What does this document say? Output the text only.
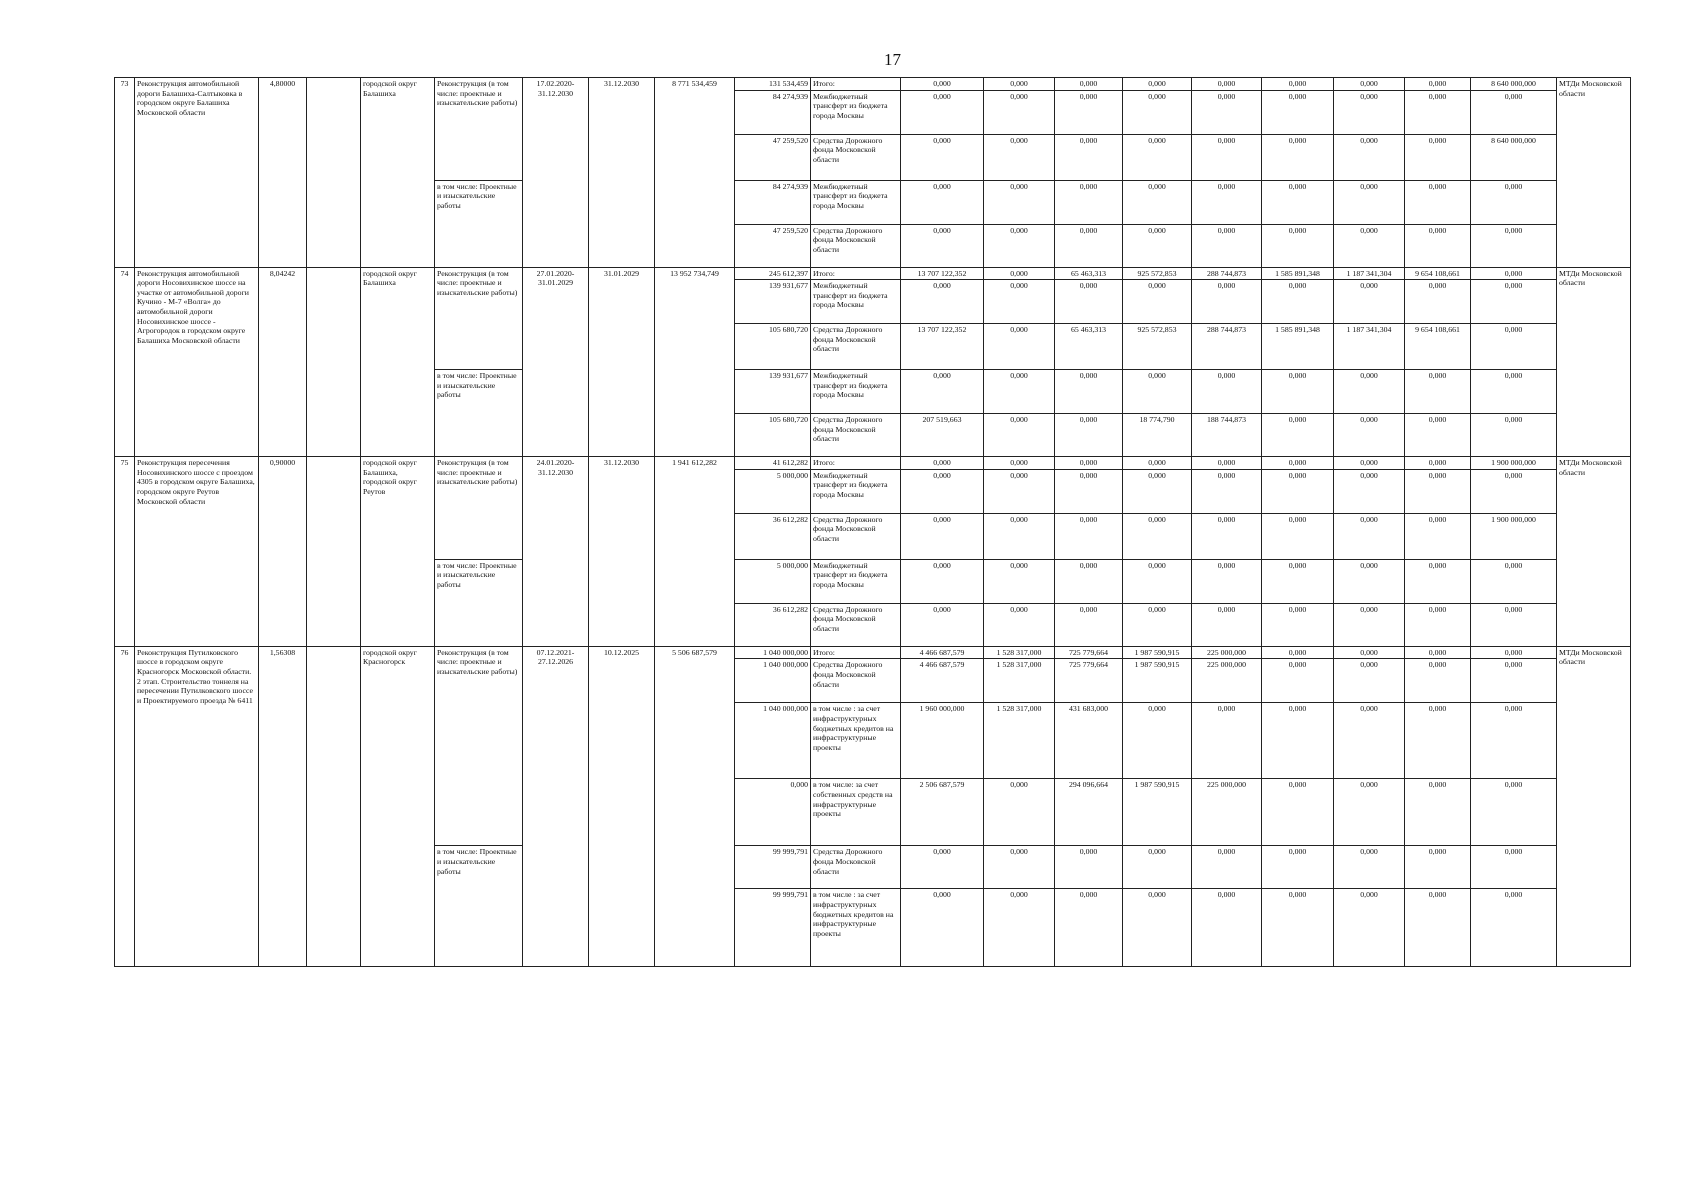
17
73	Реконструкция автомобильной дороги Балашиха-Салтыковка в городском округе Балашиха Московской области	4,80000		городской округ Балашиха	Реконструкция (в том числе: проектные и изыскательские работы)	17.02.2020-31.12.2030	31.12.2030	8 771 534,459	131 534,459	Итого:	0,000	0,000	0,000	0,000	0,000	0,000	0,000	0,000	8 640 000,000	МТДи Московской области
									84 274,939	Межбюджетный трансферт из бюджета города Москвы	0,000	0,000	0,000	0,000	0,000	0,000	0,000	0,000	0,000	
									47 259,520	Средства Дорожного фонда Московской области	0,000	0,000	0,000	0,000	0,000	0,000	0,000	0,000	8 640 000,000	
					в том числе: Проектные и изыскательские работы				84 274,939	Межбюджетный трансферт из бюджета города Москвы	0,000	0,000	0,000	0,000	0,000	0,000	0,000	0,000	0,000	
									47 259,520	Средства Дорожного фонда Московской области	0,000	0,000	0,000	0,000	0,000	0,000	0,000	0,000	0,000	
74	Реконструкция автомобильной дороги Носовихинское шоссе на участке от автомобильной дороги Кучино - М-7 «Волга» до автомобильной дороги Носовихинское шоссе - Агрогородок в городском округе Балашиха Московской области	8,04242		городской округ Балашиха	Реконструкция (в том числе: проектные и изыскательские работы)	27.01.2020-31.01.2029	31.01.2029	13 952 734,749	245 612,397	Итого:	13 707 122,352	0,000	65 463,313	925 572,853	288 744,873	1 585 891,348	1 187 341,304	9 654 108,661	0,000	МТДи Московской области
									139 931,677	Межбюджетный трансферт из бюджета города Москвы	0,000	0,000	0,000	0,000	0,000	0,000	0,000	0,000	0,000	
									105 680,720	Средства Дорожного фонда Московской области	13 707 122,352	0,000	65 463,313	925 572,853	288 744,873	1 585 891,348	1 187 341,304	9 654 108,661	0,000	
					в том числе: Проектные и изыскательские работы				139 931,677	Межбюджетный трансферт из бюджета города Москвы	0,000	0,000	0,000	0,000	0,000	0,000	0,000	0,000	0,000	
									105 680,720	Средства Дорожного фонда Московской области	207 519,663	0,000	0,000	18 774,790	188 744,873	0,000	0,000	0,000	0,000	
75	Реконструкция пересечения Носовихинского шоссе с проездом 4305 в городском округе Балашиха, городском округе Реутов Московской области	0,90000		городской округ Балашиха, городской округ Реутов	Реконструкция (в том числе: проектные и изыскательские работы)	24.01.2020-31.12.2030	31.12.2030	1 941 612,282	41 612,282	Итого:	0,000	0,000	0,000	0,000	0,000	0,000	0,000	0,000	1 900 000,000	МТДи Московской области
									5 000,000	Межбюджетный трансферт из бюджета города Москвы	0,000	0,000	0,000	0,000	0,000	0,000	0,000	0,000	0,000	
									36 612,282	Средства Дорожного фонда Московской области	0,000	0,000	0,000	0,000	0,000	0,000	0,000	0,000	1 900 000,000	
					в том числе: Проектные и изыскательские работы				5 000,000	Межбюджетный трансферт из бюджета города Москвы	0,000	0,000	0,000	0,000	0,000	0,000	0,000	0,000	0,000	
									36 612,282	Средства Дорожного фонда Московской области	0,000	0,000	0,000	0,000	0,000	0,000	0,000	0,000	0,000	
76	Реконструкция Путилковского шоссе в городском округе Красногорск Московской области. 2 этап. Строительство тоннеля на пересечении Путилковского шоссе и Проектируемого проезда № 6411	1,56308		городской округ Красногорск	Реконструкция (в том числе: проектные и изыскательские работы)	07.12.2021-27.12.2026	10.12.2025	5 506 687,579	1 040 000,000	Итого:	4 466 687,579	1 528 317,000	725 779,664	1 987 590,915	225 000,000	0,000	0,000	0,000	0,000	МТДи Московской области
									1 040 000,000	Средства Дорожного фонда Московской области	4 466 687,579	1 528 317,000	725 779,664	1 987 590,915	225 000,000	0,000	0,000	0,000	0,000	
									1 040 000,000	в том числе : за счет инфраструктурных бюджетных кредитов на инфраструктурные проекты	1 960 000,000	1 528 317,000	431 683,000	0,000	0,000	0,000	0,000	0,000	0,000	
									0,000	в том числе: за счет собственных средств на инфраструктурные проекты	2 506 687,579	0,000	294 096,664	1 987 590,915	225 000,000	0,000	0,000	0,000	0,000	
					в том числе: Проектные и изыскательские работы				99 999,791	Средства Дорожного фонда Московской области	0,000	0,000	0,000	0,000	0,000	0,000	0,000	0,000	0,000	
									99 999,791	в том числе : за счет инфраструктурных бюджетных кредитов на инфраструктурные проекты	0,000	0,000	0,000	0,000	0,000	0,000	0,000	0,000	0,000	
